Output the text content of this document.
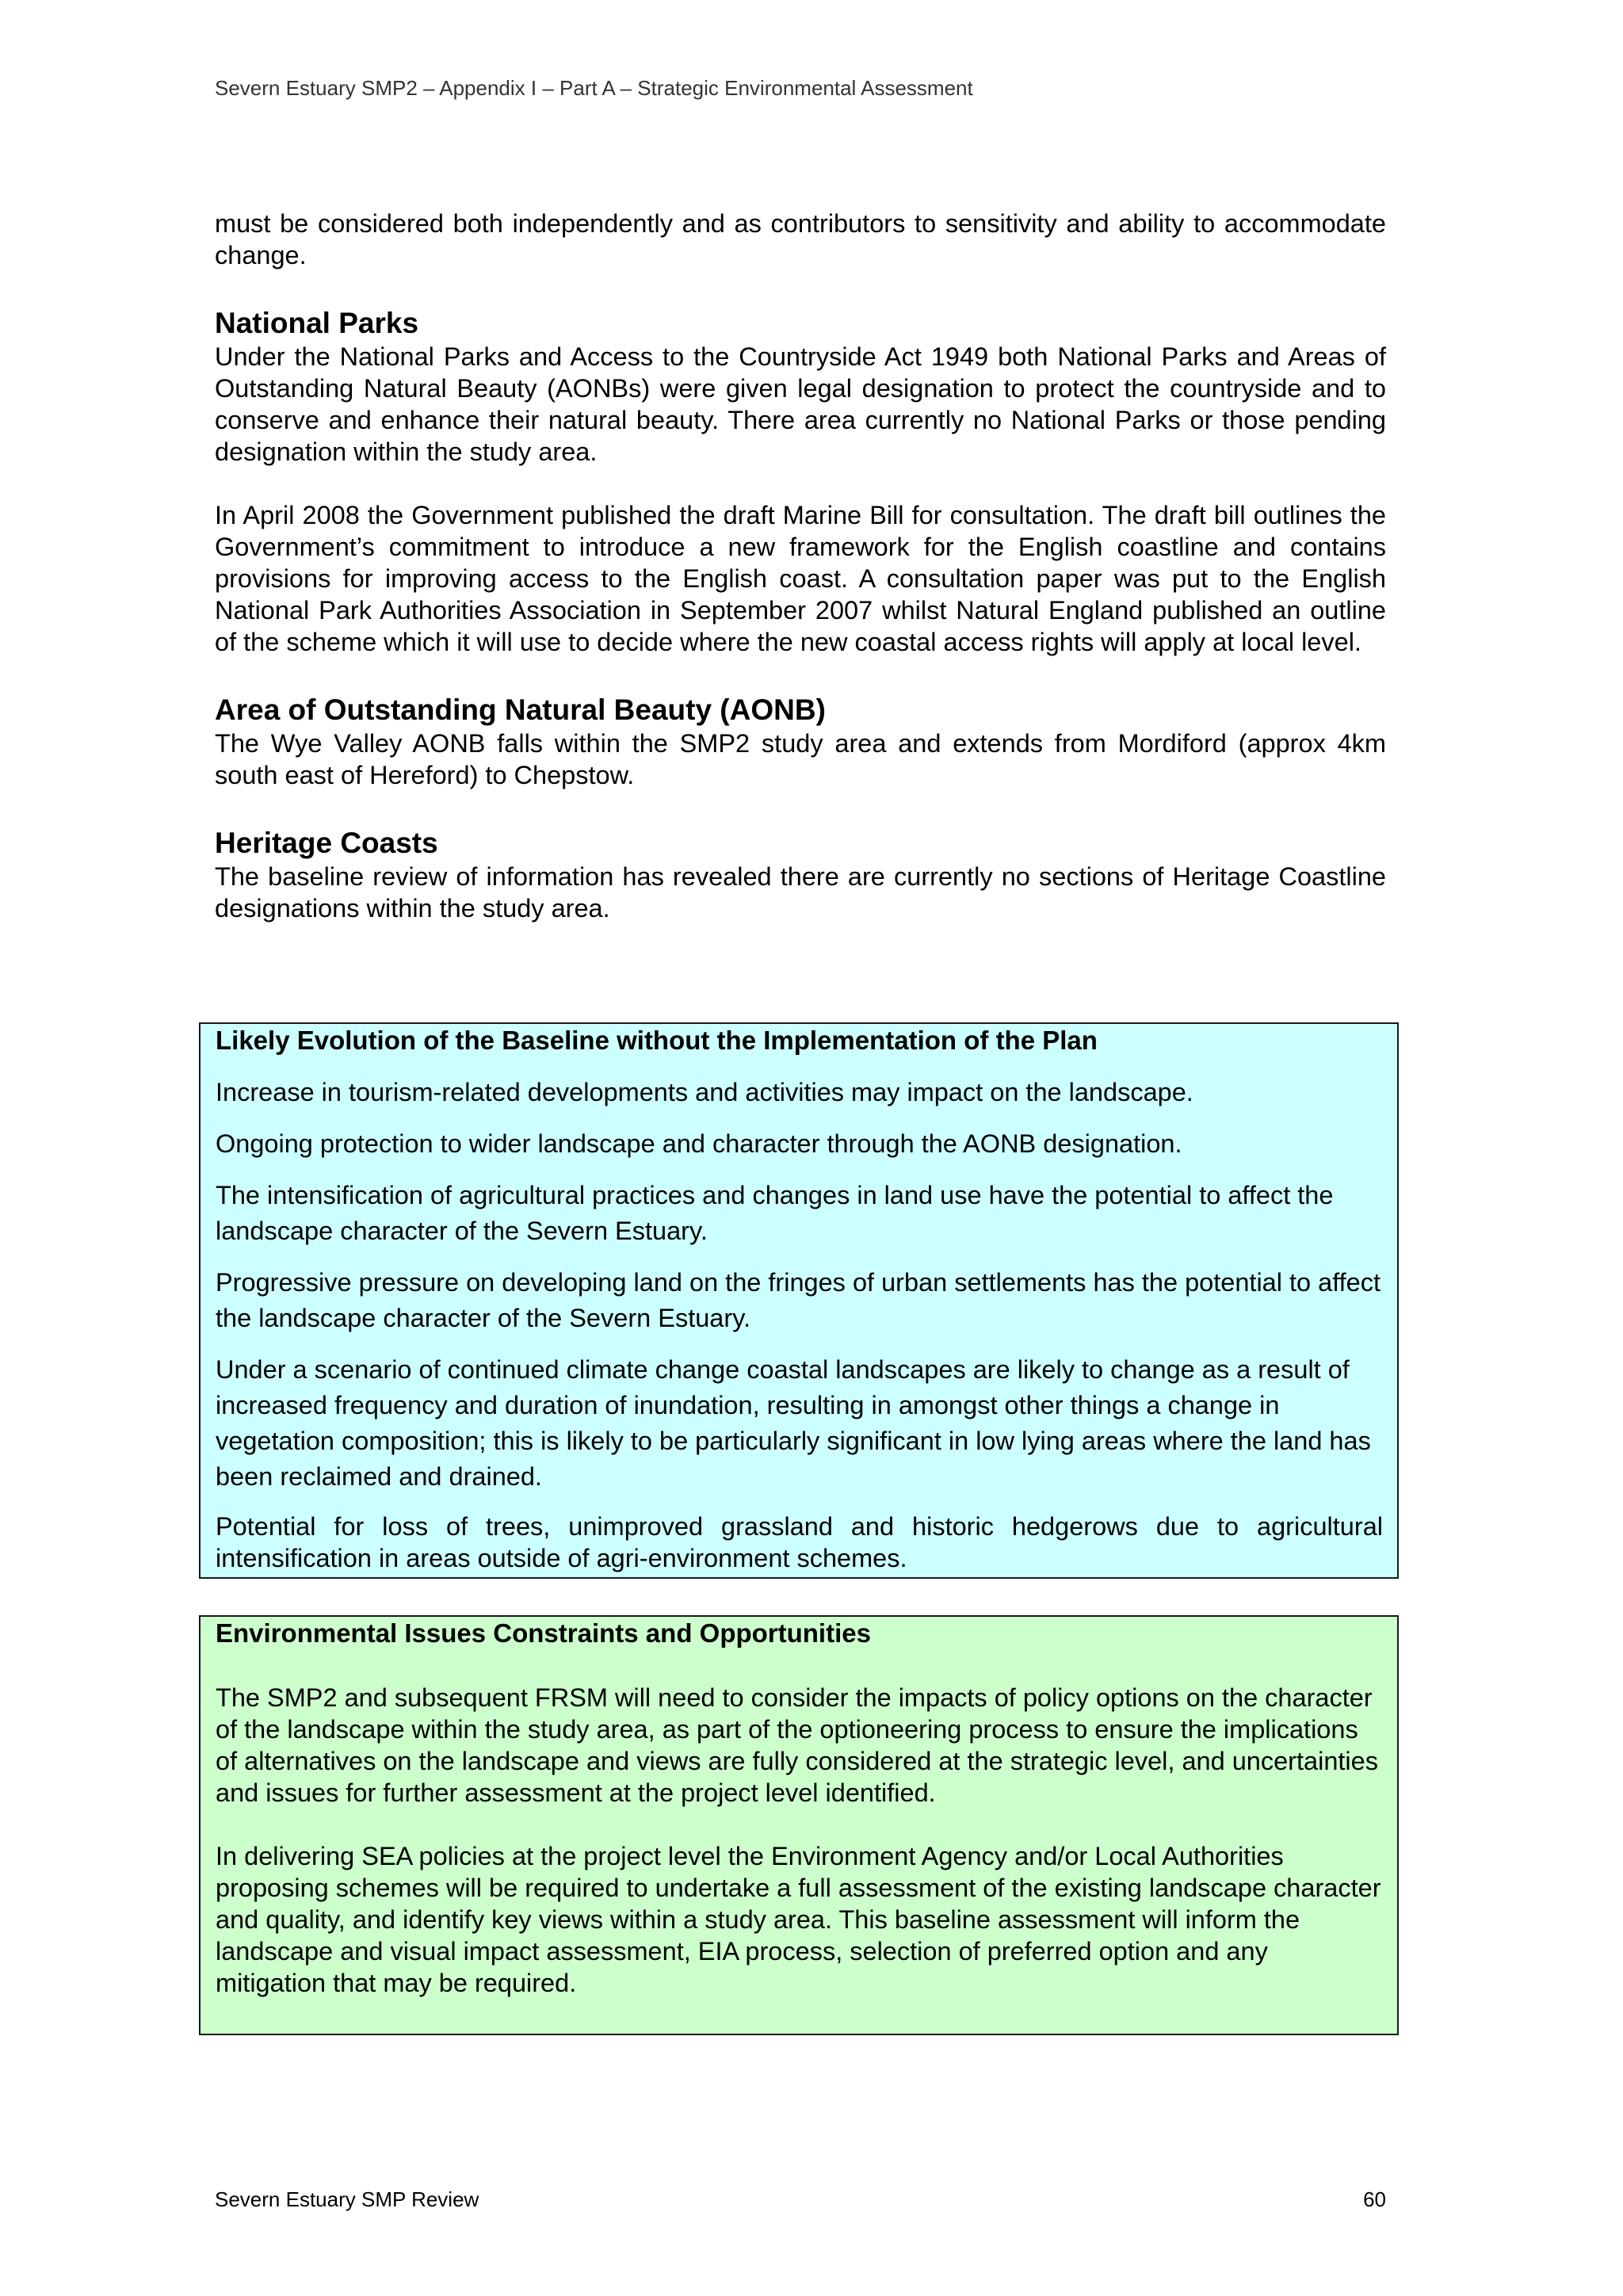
Severn Estuary SMP2 – Appendix I – Part A – Strategic Environmental Assessment

must be considered both independently and as contributors to sensitivity and ability to accommodate change.

National Parks

Under the National Parks and Access to the Countryside Act 1949 both National Parks and Areas of Outstanding Natural Beauty (AONBs) were given legal designation to protect the countryside and to conserve and enhance their natural beauty. There area currently no National Parks or those pending designation within the study area.

In April 2008 the Government published the draft Marine Bill for consultation. The draft bill outlines the Government’s commitment to introduce a new framework for the English coastline and contains provisions for improving access to the English coast. A consultation paper was put to the English National Park Authorities Association in September 2007 whilst Natural England published an outline of the scheme which it will use to decide where the new coastal access rights will apply at local level.

Area of Outstanding Natural Beauty (AONB)

The Wye Valley AONB falls within the SMP2 study area and extends from Mordiford (approx 4km south east of Hereford) to Chepstow.

Heritage Coasts

The baseline review of information has revealed there are currently no sections of Heritage Coastline designations within the study area.

Likely Evolution of the Baseline without the Implementation of the Plan

Increase in tourism-related developments and activities may impact on the landscape.

Ongoing protection to wider landscape and character through the AONB designation.

The intensification of agricultural practices and changes in land use have the potential to affect the landscape character of the Severn Estuary.

Progressive pressure on developing land on the fringes of urban settlements has the potential to affect the landscape character of the Severn Estuary.

Under a scenario of continued climate change coastal landscapes are likely to change as a result of increased frequency and duration of inundation, resulting in amongst other things a change in vegetation composition; this is likely to be particularly significant in low lying areas where the land has been reclaimed and drained.

Potential for loss of trees, unimproved grassland and historic hedgerows due to agricultural intensification in areas outside of agri-environment schemes.

Environmental Issues Constraints and Opportunities

The SMP2 and subsequent FRSM will need to consider the impacts of policy options on the character of the landscape within the study area, as part of the optioneering process to ensure the implications of alternatives on the landscape and views are fully considered at the strategic level, and uncertainties and issues for further assessment at the project level identified.

In delivering SEA policies at the project level the Environment Agency and/or Local Authorities proposing schemes will be required to undertake a full assessment of the existing landscape character and quality, and identify key views within a study area. This baseline assessment will inform the landscape and visual impact assessment, EIA process, selection of preferred option and any mitigation that may be required.

Severn Estuary SMP Review	60
